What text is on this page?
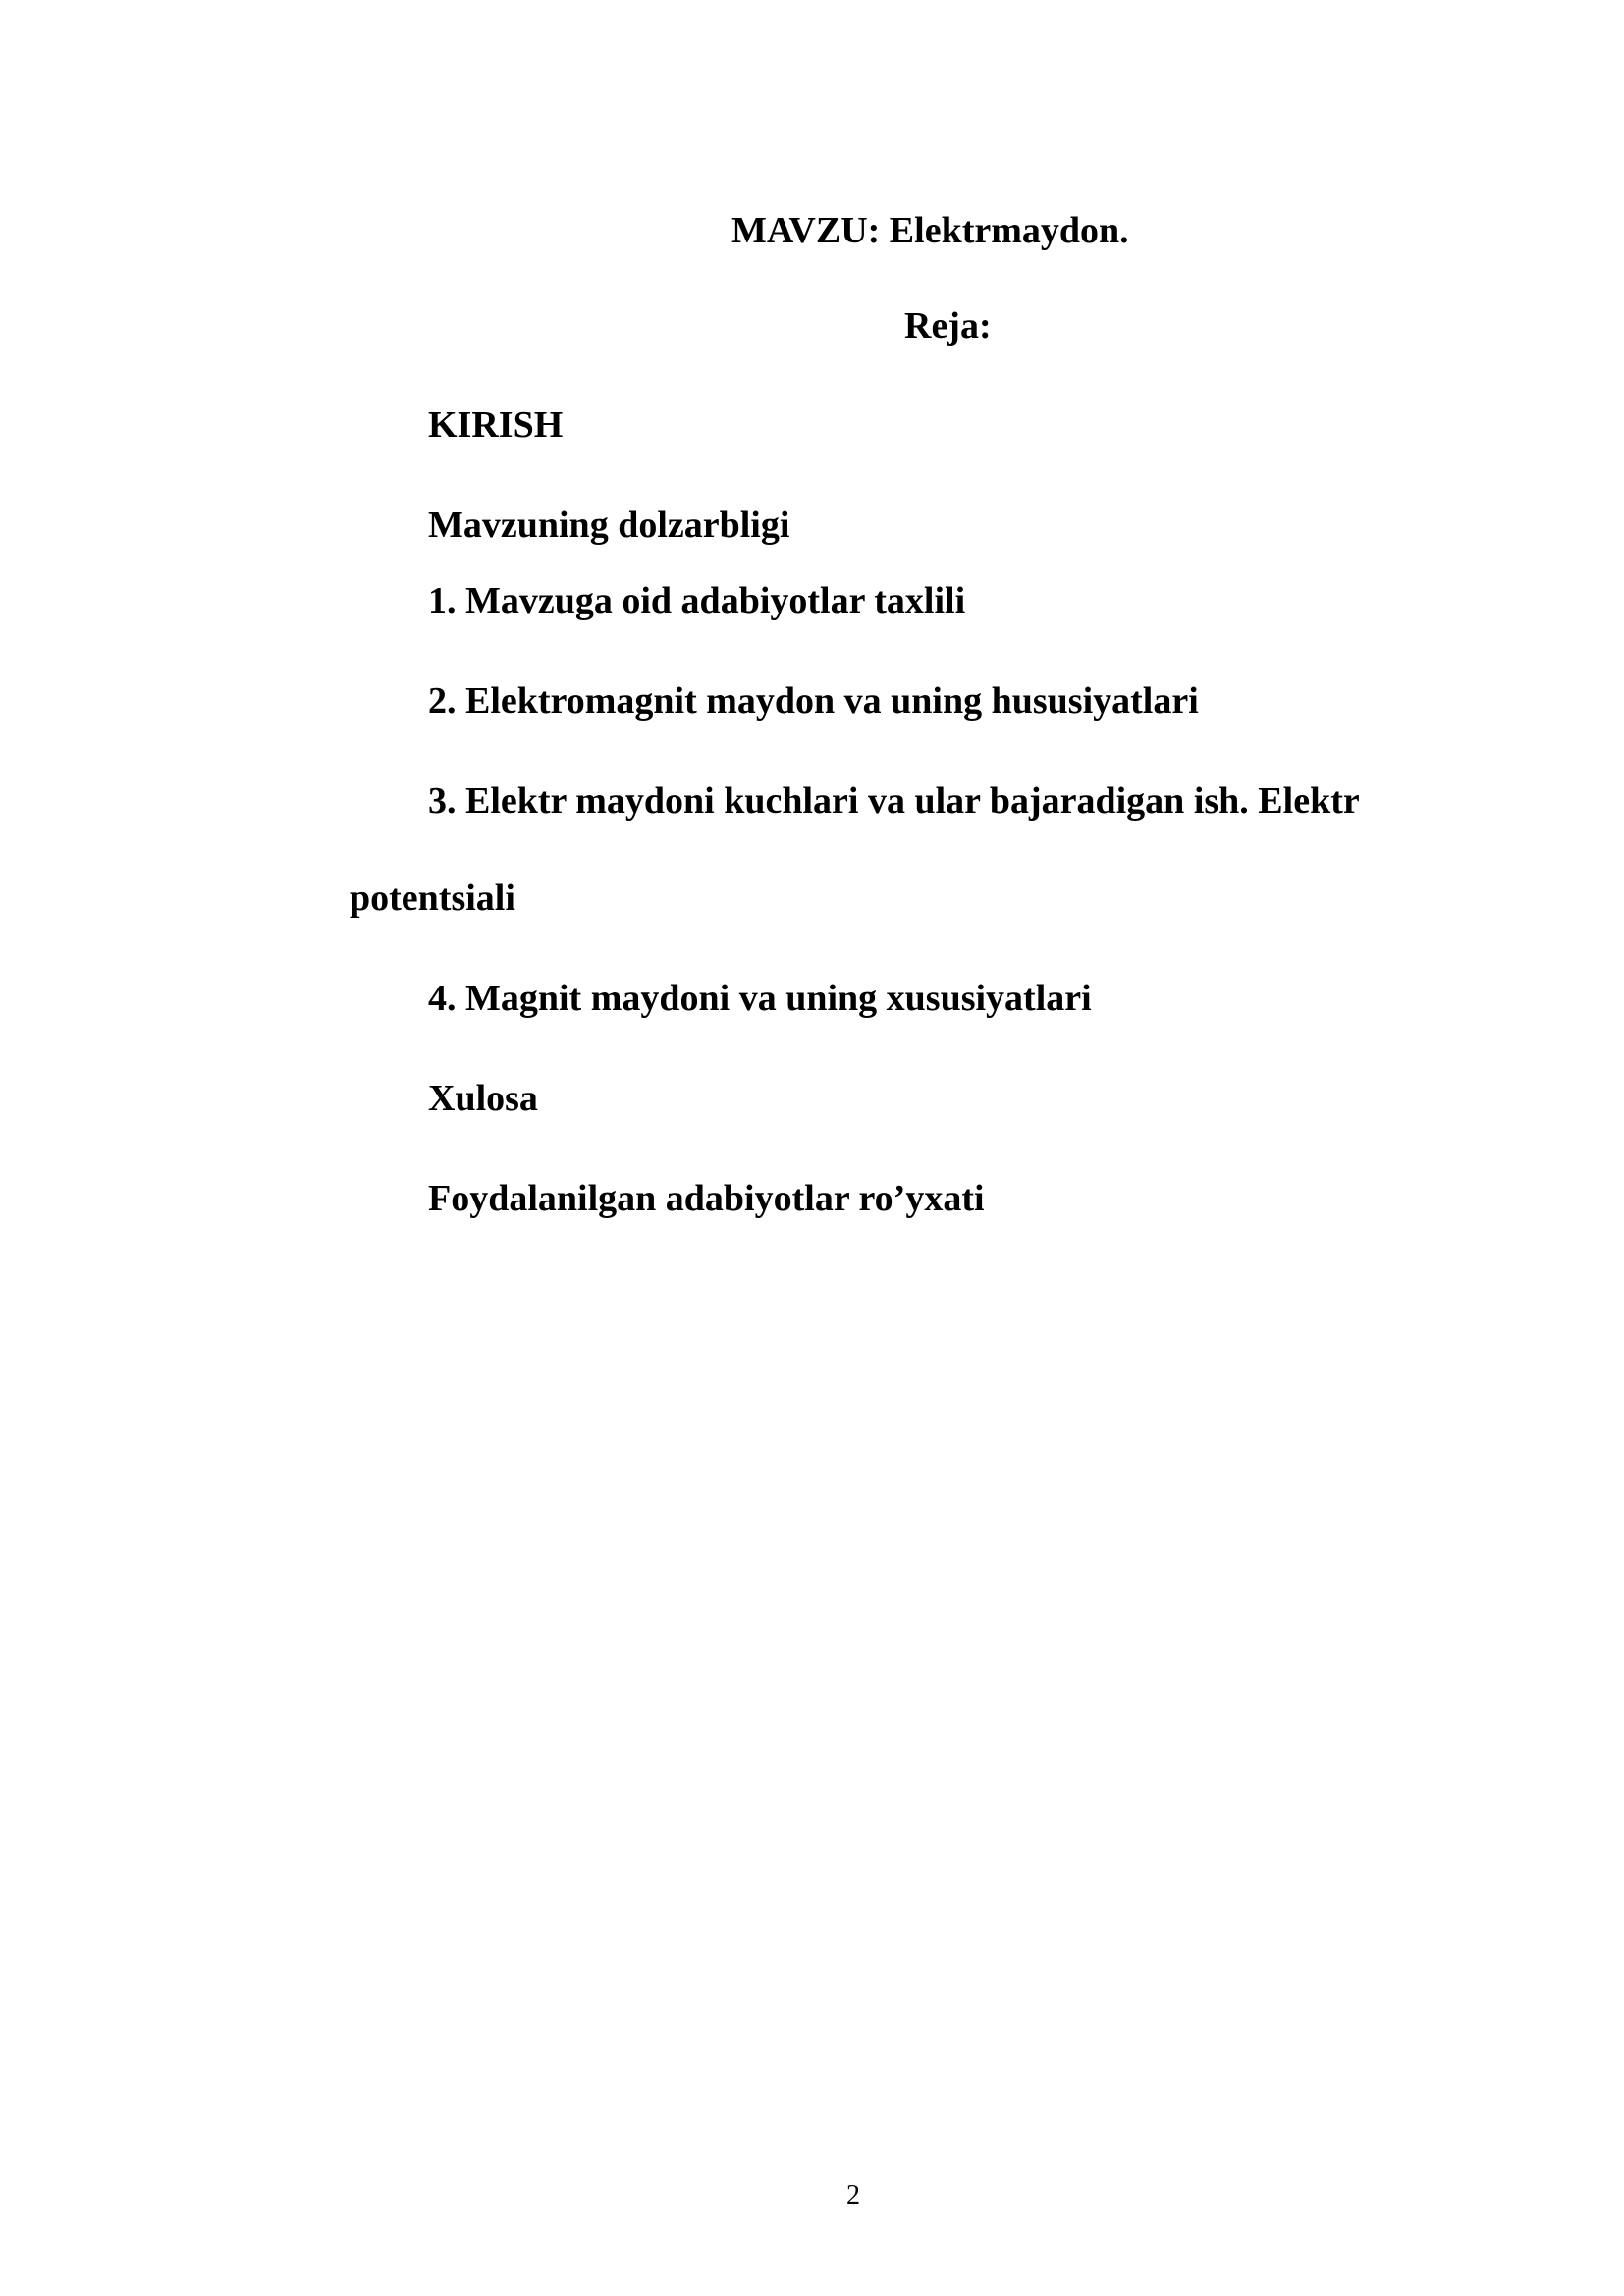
MAVZU: Elektrmaydon.
Reja:
KIRISH
Mavzuning dolzarbligi
1. Mavzuga oid adabiyotlar taxlili
2. Elektromagnit maydon va uning hususiyatlari
3. Elektr maydoni kuchlari va ular bajaradigan ish. Elektr
potentsiali
4. Magnit maydoni va uning xususiyatlari
Xulosa
Foydalanilgan adabiyotlar ro’yxati
2
